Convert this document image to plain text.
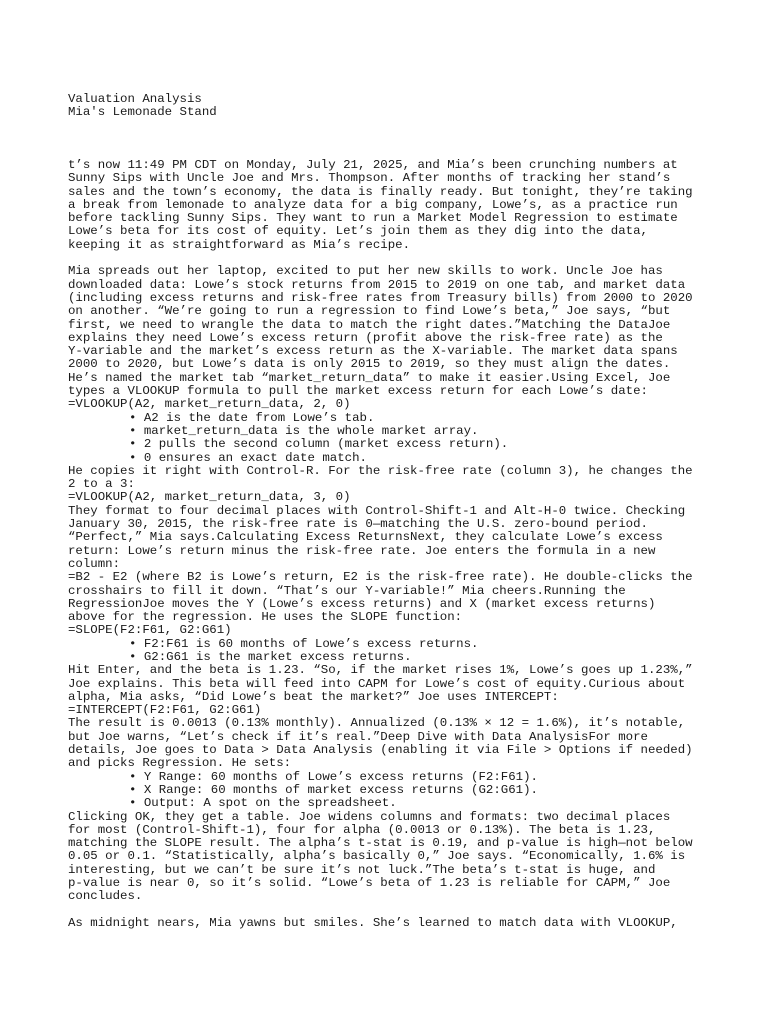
Valuation Analysis
Mia's Lemonade Stand
t’s now 11:49 PM CDT on Monday, July 21, 2025, and Mia’s been crunching numbers at
Sunny Sips with Uncle Joe and Mrs. Thompson. After months of tracking her stand’s
sales and the town’s economy, the data is finally ready. But tonight, they’re taking
a break from lemonade to analyze data for a big company, Lowe’s, as a practice run
before tackling Sunny Sips. They want to run a Market Model Regression to estimate
Lowe’s beta for its cost of equity. Let’s join them as they dig into the data,
keeping it as straightforward as Mia’s recipe.
Mia spreads out her laptop, excited to put her new skills to work. Uncle Joe has
downloaded data: Lowe’s stock returns from 2015 to 2019 on one tab, and market data
(including excess returns and risk-free rates from Treasury bills) from 2000 to 2020
on another. “We’re going to run a regression to find Lowe’s beta,” Joe says, “but
first, we need to wrangle the data to match the right dates.”Matching the DataJoe
explains they need Lowe’s excess return (profit above the risk-free rate) as the
Y-variable and the market’s excess return as the X-variable. The market data spans
2000 to 2020, but Lowe’s data is only 2015 to 2019, so they must align the dates.
He’s named the market tab “market_return_data” to make it easier.Using Excel, Joe
types a VLOOKUP formula to pull the market excess return for each Lowe’s date:
=VLOOKUP(A2, market_return_data, 2, 0)
• A2 is the date from Lowe’s tab.
• market_return_data is the whole market array.
• 2 pulls the second column (market excess return).
• 0 ensures an exact date match.
He copies it right with Control-R. For the risk-free rate (column 3), he changes the
2 to a 3:
=VLOOKUP(A2, market_return_data, 3, 0)
They format to four decimal places with Control-Shift-1 and Alt-H-0 twice. Checking
January 30, 2015, the risk-free rate is 0—matching the U.S. zero-bound period.
“Perfect,” Mia says.Calculating Excess ReturnsNext, they calculate Lowe’s excess
return: Lowe’s return minus the risk-free rate. Joe enters the formula in a new
column:
=B2 - E2 (where B2 is Lowe’s return, E2 is the risk-free rate). He double-clicks the
crosshairs to fill it down. “That’s our Y-variable!” Mia cheers.Running the
RegressionJoe moves the Y (Lowe’s excess returns) and X (market excess returns)
above for the regression. He uses the SLOPE function:
=SLOPE(F2:F61, G2:G61)
• F2:F61 is 60 months of Lowe’s excess returns.
• G2:G61 is the market excess returns.
Hit Enter, and the beta is 1.23. “So, if the market rises 1%, Lowe’s goes up 1.23%,”
Joe explains. This beta will feed into CAPM for Lowe’s cost of equity.Curious about
alpha, Mia asks, “Did Lowe’s beat the market?” Joe uses INTERCEPT:
=INTERCEPT(F2:F61, G2:G61)
The result is 0.0013 (0.13% monthly). Annualized (0.13% × 12 = 1.6%), it’s notable,
but Joe warns, “Let’s check if it’s real.”Deep Dive with Data AnalysisFor more
details, Joe goes to Data > Data Analysis (enabling it via File > Options if needed)
and picks Regression. He sets:
• Y Range: 60 months of Lowe’s excess returns (F2:F61).
• X Range: 60 months of market excess returns (G2:G61).
• Output: A spot on the spreadsheet.
Clicking OK, they get a table. Joe widens columns and formats: two decimal places
for most (Control-Shift-1), four for alpha (0.0013 or 0.13%). The beta is 1.23,
matching the SLOPE result. The alpha’s t-stat is 0.19, and p-value is high—not below
0.05 or 0.1. “Statistically, alpha’s basically 0,” Joe says. “Economically, 1.6% is
interesting, but we can’t be sure it’s not luck.”The beta’s t-stat is huge, and
p-value is near 0, so it’s solid. “Lowe’s beta of 1.23 is reliable for CAPM,” Joe
concludes.
As midnight nears, Mia yawns but smiles. She’s learned to match data with VLOOKUP,
